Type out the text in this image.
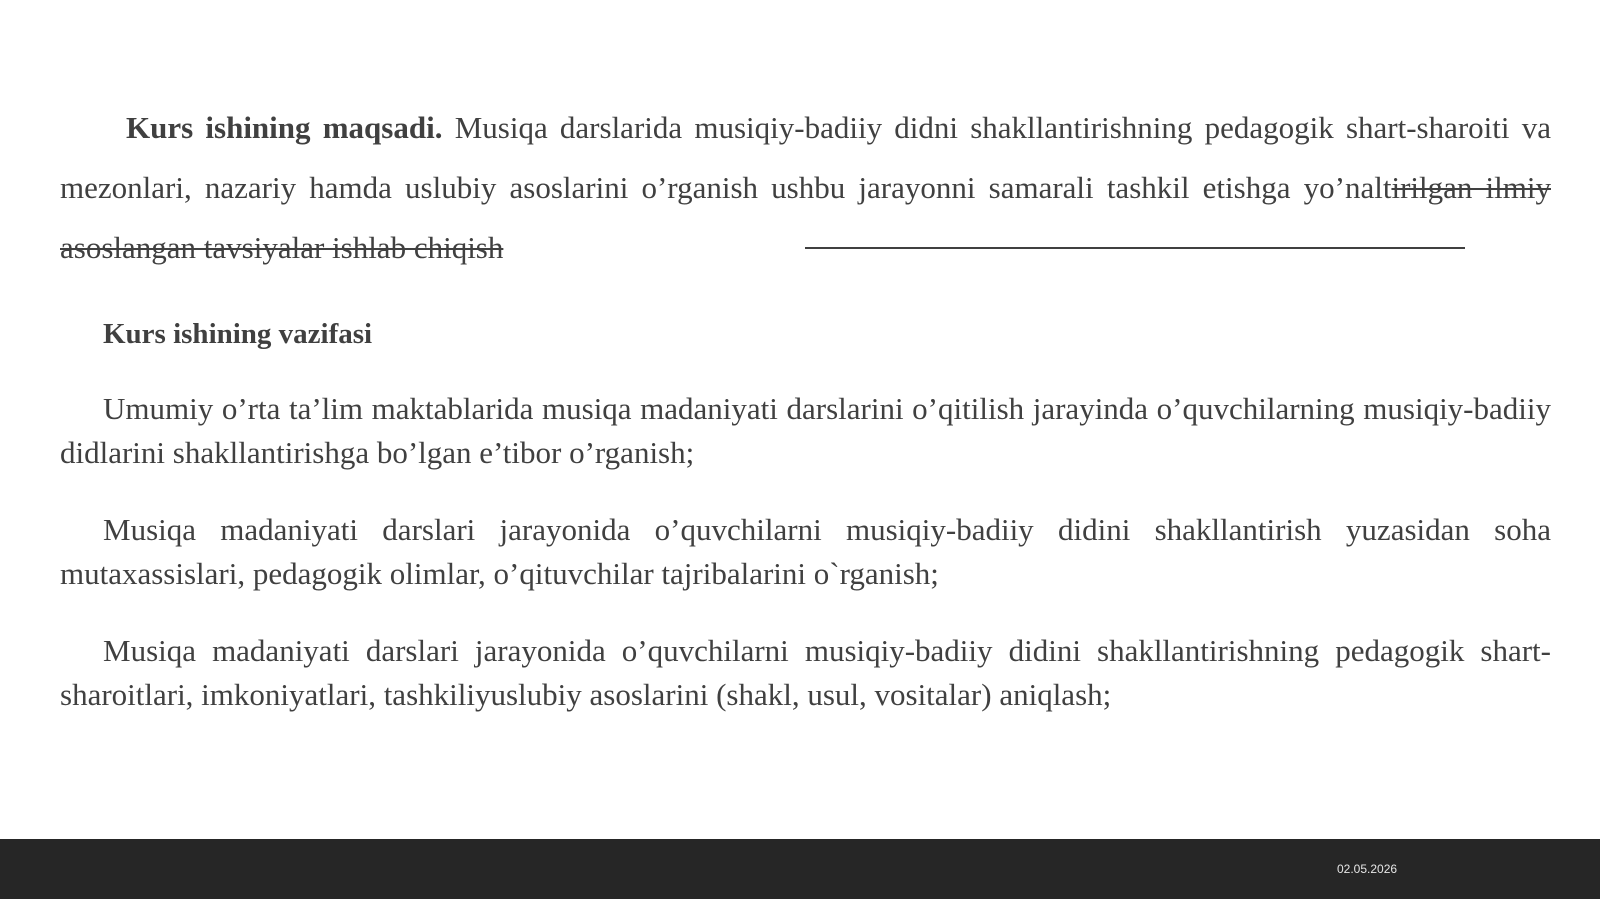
Kurs ishining maqsadi. Musiqa darslarida musiqiy-badiiy didni shakllantirishning pedagogik shart-sharoiti va mezonlari, nazariy hamda uslubiy asoslarini o’rganish ushbu jarayonni samarali tashkil etishga yo’naltirilgan ilmiy asoslangan tavsiyalar ishlab chiqish

Kurs ishining vazifasi

Umumiy o’rta ta’lim maktablarida musiqa madaniyati darslarini o’qitilish jarayinda o’quvchilarning musiqiy-badiiy didlarini shakllantirishga bo’lgan e’tibor o’rganish;

Musiqa madaniyati darslari jarayonida o’quvchilarni musiqiy-badiiy didini shakllantirish yuzasidan soha mutaxassislari, pedagogik olimlar, o’qituvchilar tajribalarini o`rganish;

Musiqa madaniyati darslari jarayonida o’quvchilarni musiqiy-badiiy didini shakllantirishning pedagogik shart-sharoitlari, imkoniyatlari, tashkiliyuslubiy asoslarini (shakl, usul, vositalar) aniqlash;

02.05.2026
